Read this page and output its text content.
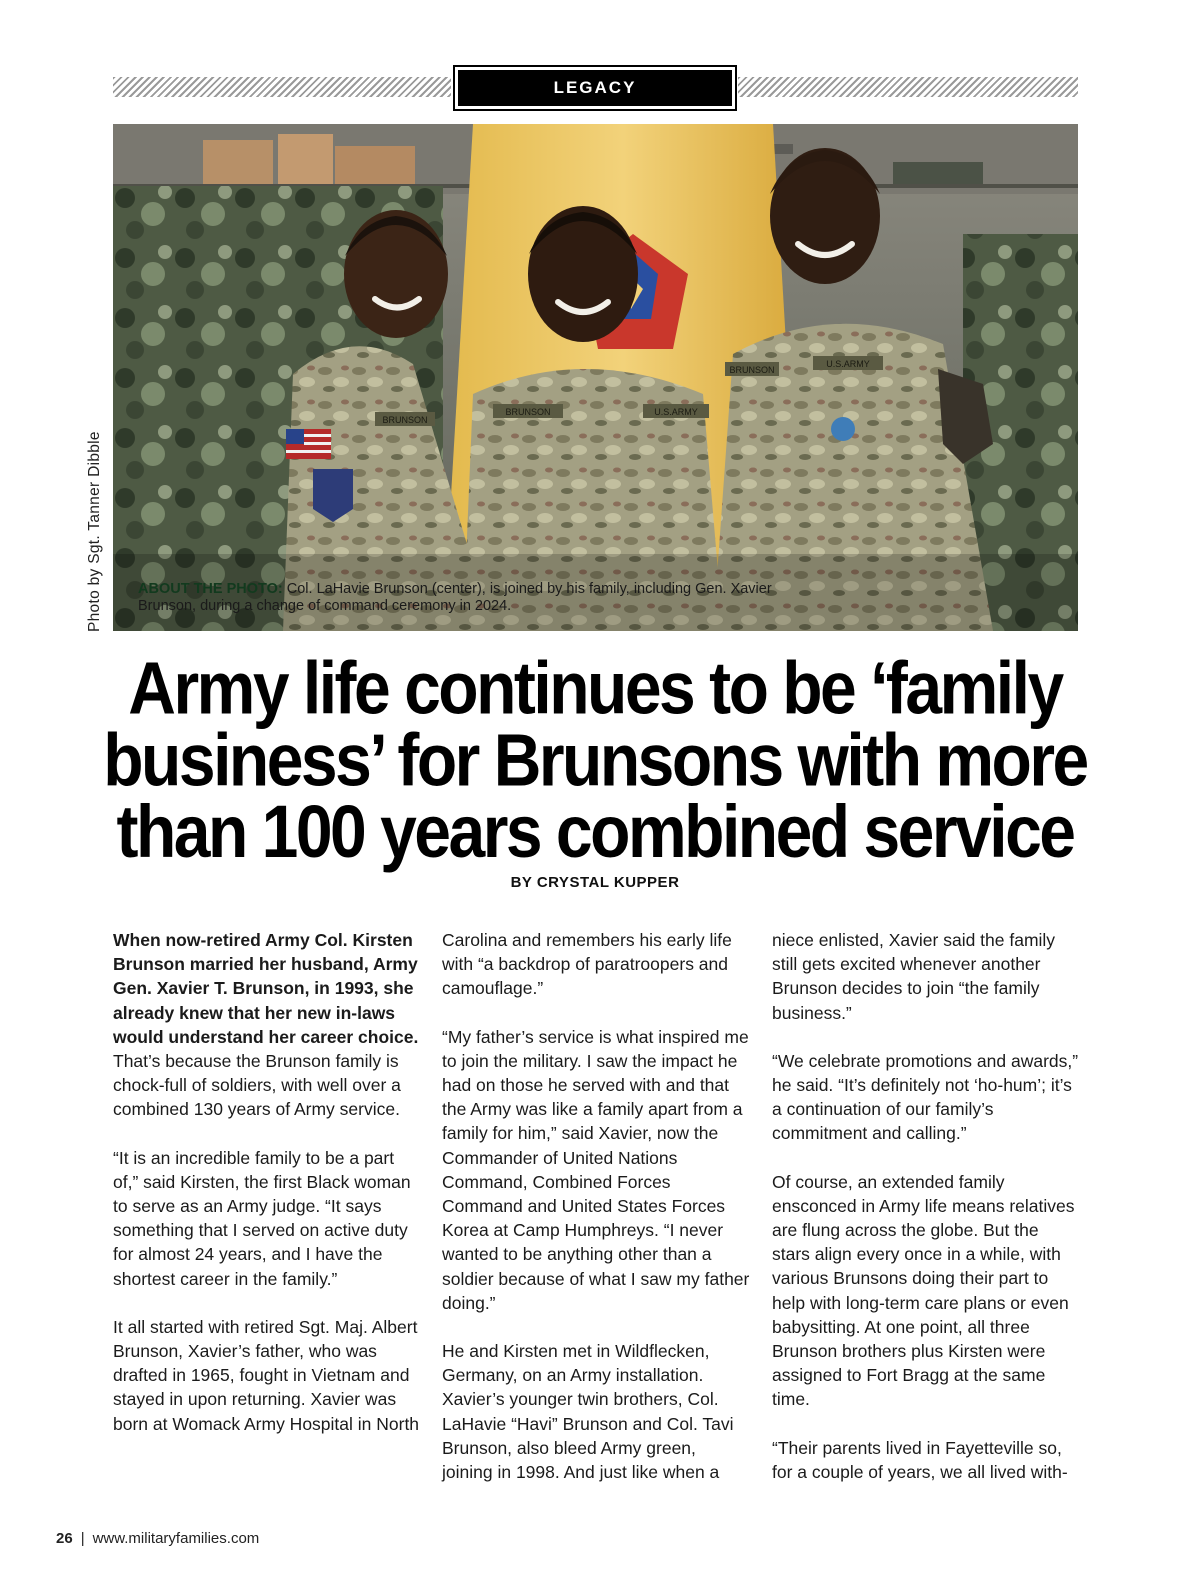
LEGACY
Photo by Sgt. Tanner Dibble
BRUNSON
BRUNSON	U.S.ARMY
U.S.ARMY
BRUNSON
ABOUT THE PHOTO: Col. LaHavie Brunson (center), is joined by his family, including Gen. Xavier Brunson, during a change of command ceremony in 2024.
Army life continues to be ‘family business’ for Brunsons with more than 100 years combined service
BY CRYSTAL KUPPER

When now-retired Army Col. Kirsten Brunson married her husband, Army Gen. Xavier T. Brunson, in 1993, she already knew that her new in-laws would understand her career choice. That’s because the Brunson family is chock-full of soldiers, with well over a combined 130 years of Army service.

“It is an incredible family to be a part of,” said Kirsten, the first Black woman to serve as an Army judge. “It says something that I served on active duty for almost 24 years, and I have the shortest career in the family.”

It all started with retired Sgt. Maj. Albert Brunson, Xavier’s father, who was drafted in 1965, fought in Vietnam and stayed in upon returning. Xavier was born at Womack Army Hospital in North

Carolina and remembers his early life with “a backdrop of paratroopers and camouflage.”

“My father’s service is what inspired me to join the military. I saw the impact he had on those he served with and that the Army was like a family apart from a family for him,” said Xavier, now the Commander of United Nations Command, Combined Forces Command and United States Forces Korea at Camp Humphreys. “I never wanted to be anything other than a soldier because of what I saw my father doing.”

He and Kirsten met in Wildflecken, Germany, on an Army installation. Xavier’s younger twin brothers, Col. LaHavie “Havi” Brunson and Col. Tavi Brunson, also bleed Army green, joining in 1998. And just like when a

niece enlisted, Xavier said the family still gets excited whenever another Brunson decides to join “the family business.”

“We celebrate promotions and awards,” he said. “It’s definitely not ‘ho-hum’; it’s a continuation of our family’s commitment and calling.”

Of course, an extended family ensconced in Army life means relatives are flung across the globe. But the stars align every once in a while, with various Brunsons doing their part to help with long-term care plans or even babysitting. At one point, all three Brunson brothers plus Kirsten were assigned to Fort Bragg at the same time.

“Their parents lived in Fayetteville so, for a couple of years, we all lived with-

26 | www.militaryfamilies.com
